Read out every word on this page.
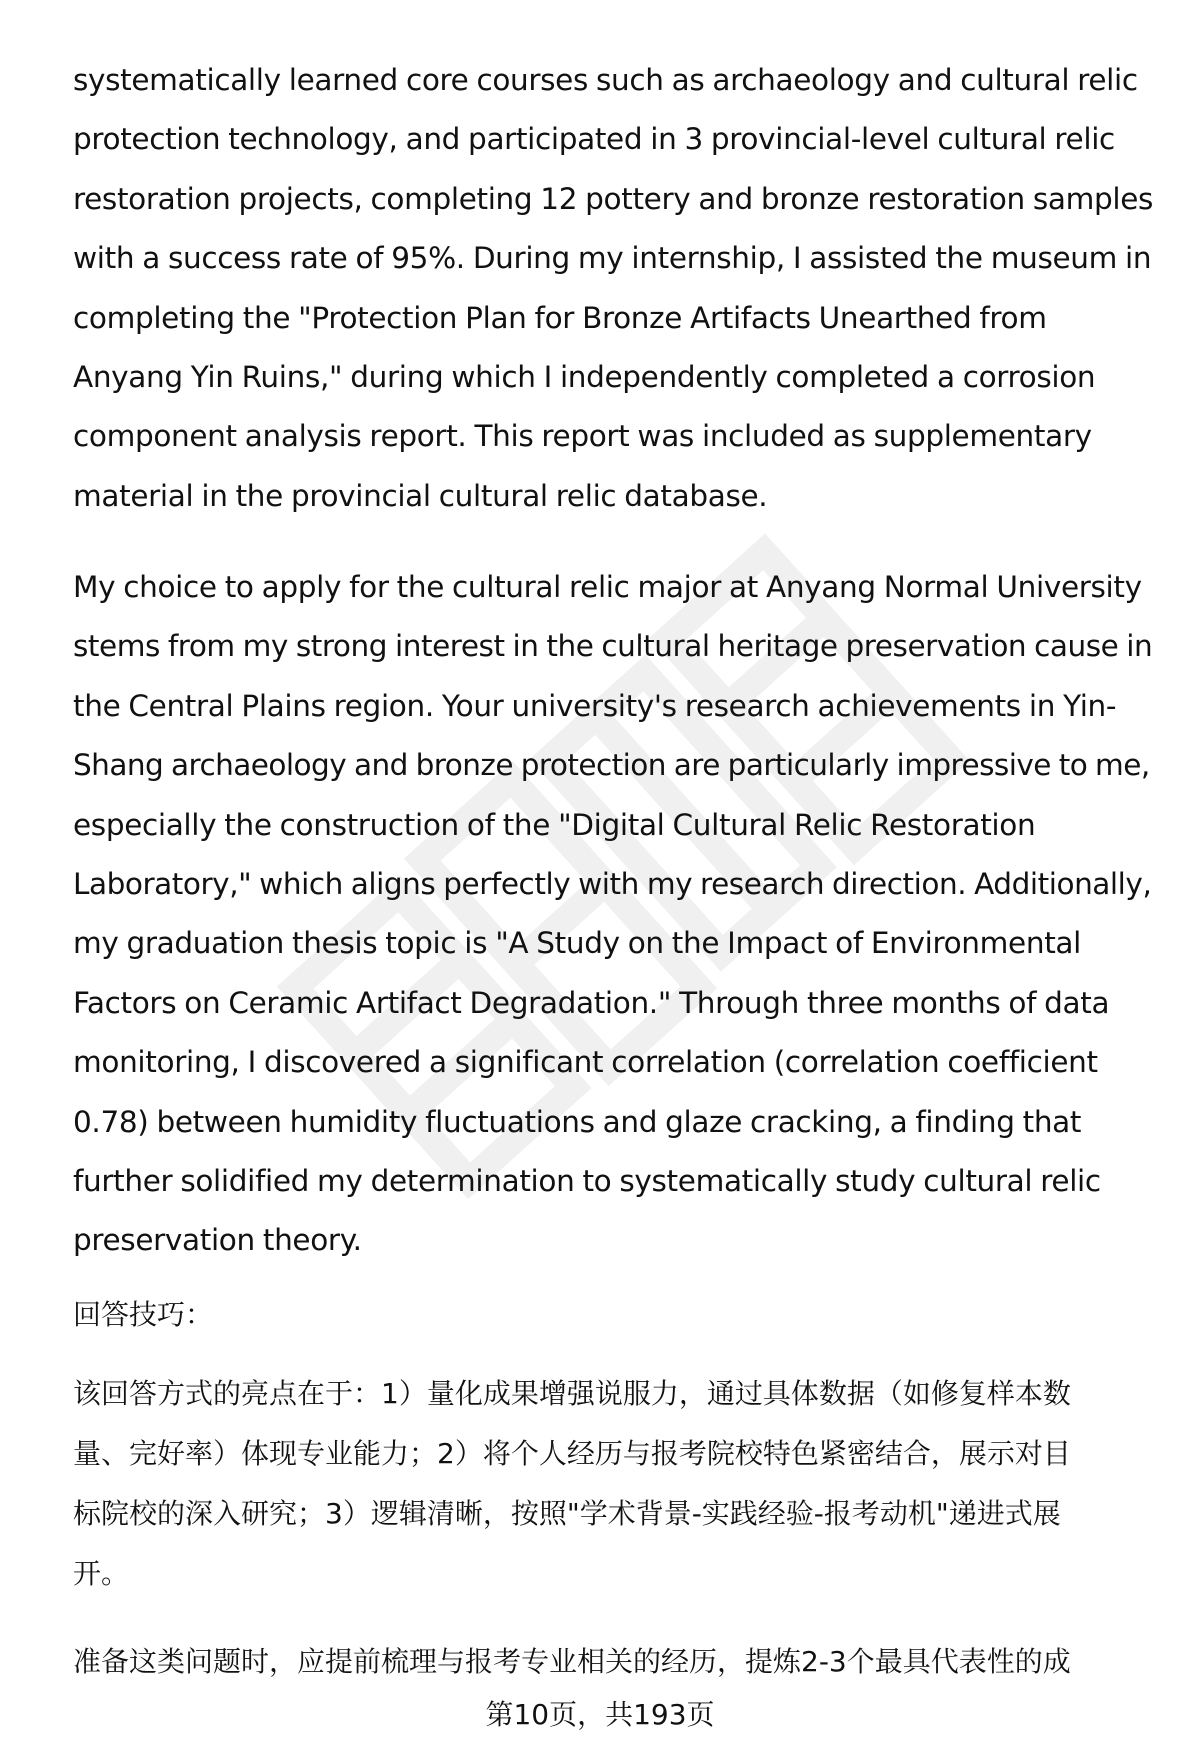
systematically learned core courses such as archaeology and cultural relic
protection technology, and participated in 3 provincial-level cultural relic
restoration projects, completing 12 pottery and bronze restoration samples
with a success rate of 95%. During my internship, I assisted the museum in
completing the "Protection Plan for Bronze Artifacts Unearthed from
Anyang Yin Ruins," during which I independently completed a corrosion
component analysis report. This report was included as supplementary
material in the provincial cultural relic database.

My choice to apply for the cultural relic major at Anyang Normal University
stems from my strong interest in the cultural heritage preservation cause in
the Central Plains region. Your university's research achievements in Yin-
Shang archaeology and bronze protection are particularly impressive to me,
especially the construction of the "Digital Cultural Relic Restoration
Laboratory," which aligns perfectly with my research direction. Additionally,
my graduation thesis topic is "A Study on the Impact of Environmental
Factors on Ceramic Artifact Degradation." Through three months of data
monitoring, I discovered a significant correlation (correlation coefficient
0.78) between humidity fluctuations and glaze cracking, a finding that
further solidified my determination to systematically study cultural relic
preservation theory.

回答技巧：

该回答方式的亮点在于：1）量化成果增强说服力，通过具体数据（如修复样本数
量、完好率）体现专业能力；2）将个人经历与报考院校特色紧密结合，展示对目
标院校的深入研究；3）逻辑清晰，按照"学术背景-实践经验-报考动机"递进式展
开。

准备这类问题时，应提前梳理与报考专业相关的经历，提炼2-3个最具代表性的成

第10页，共193页
